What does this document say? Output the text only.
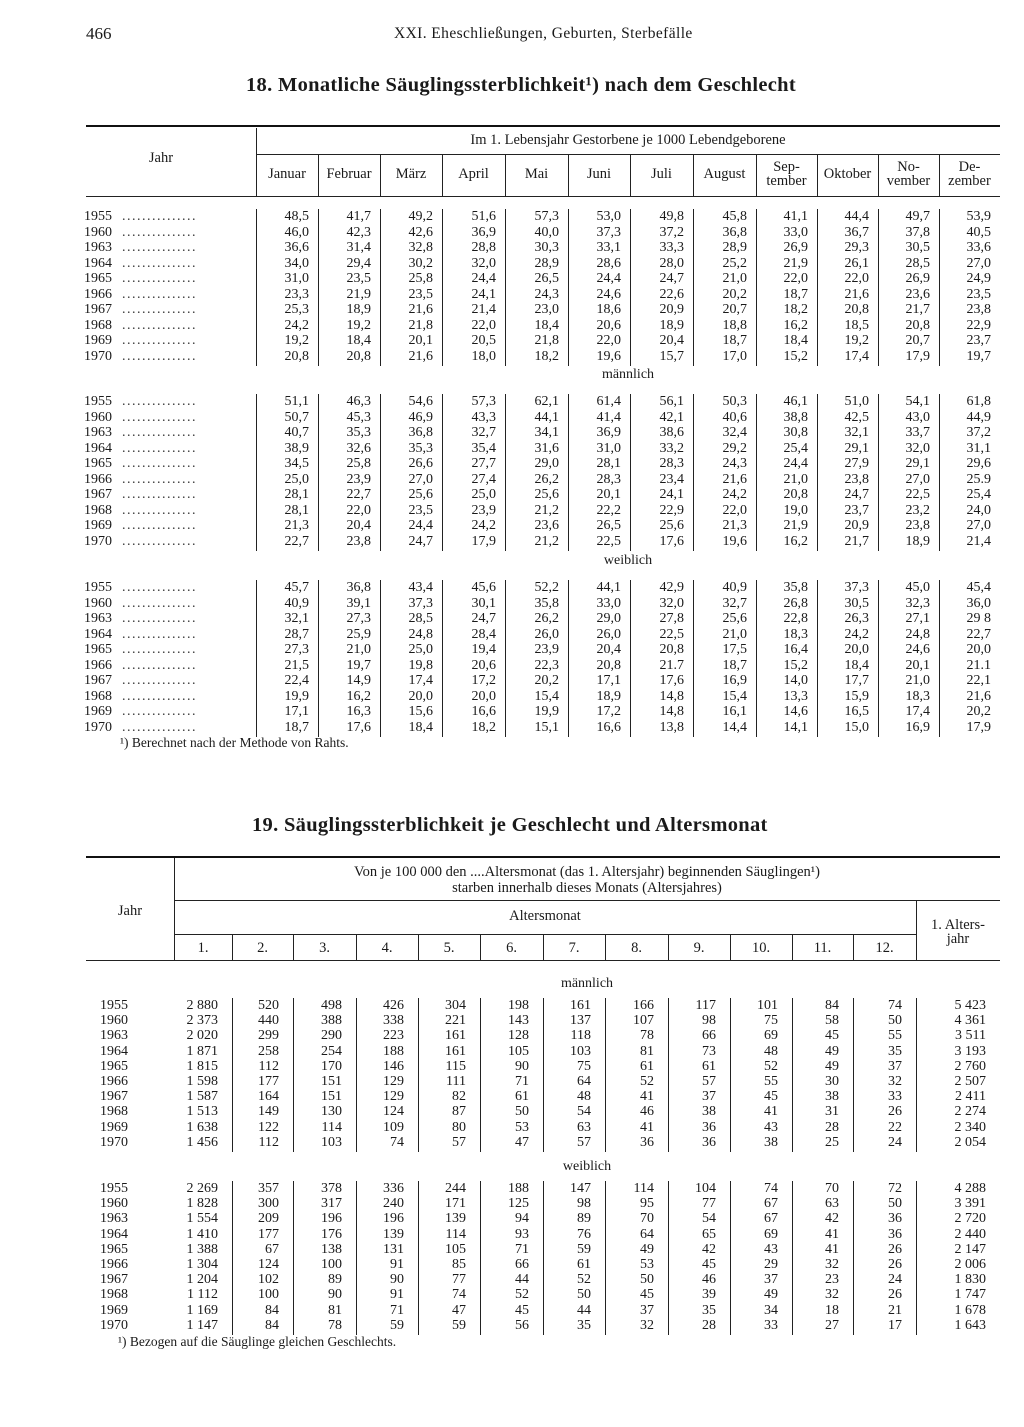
466	XXI. Eheschließungen, Geburten, Sterbefälle
18. Monatliche Säuglingssterblichkeit¹) nach dem Geschlecht
Jahr
Im 1. Lebensjahr Gestorbene je 1000 Lebendgeborene
Januar	Februar	März	April	Mai	Juni	Juli	August	Sep-
tember	Oktober	No-
vember
De-
zember
1955 ...............	48,5	41,7	49,2	51,6	57,3	53,0	49,8	45,8	41,1	44,4	49,7	53,9
1960 ...............	46,0	42,3	42,6	36,9	40,0	37,3	37,2	36,8	33,0	36,7	37,8	40,5
1963 ...............	36,6	31,4	32,8	28,8	30,3	33,1	33,3	28,9	26,9	29,3	30,5	33,6
1964 ...............	34,0	29,4	30,2	32,0	28,9	28,6	28,0	25,2	21,9	26,1	28,5	27,0
1965 ...............	31,0	23,5	25,8	24,4	26,5	24,4	24,7	21,0	22,0	22,0	26,9	24,9
1966 ...............	23,3	21,9	23,5	24,1	24,3	24,6	22,6	20,2	18,7	21,6	23,6	23,5
1967 ...............	25,3	18,9	21,6	21,4	23,0	18,6	20,9	20,7	18,2	20,8	21,7	23,8
1968 ...............	24,2	19,2	21,8	22,0	18,4	20,6	18,9	18,8	16,2	18,5	20,8	22,9
1969 ...............	19,2	18,4	20,1	20,5	21,8	22,0	20,4	18,7	18,4	19,2	20,7	23,7
1970 ...............	20,8	20,8	21,6	18,0	18,2	19,6	15,7	17,0	15,2	17,4	17,9	19,7
männlich
1955 ...............	51,1	46,3	54,6	57,3	62,1	61,4	56,1	50,3	46,1	51,0	54,1	61,8
1960 ...............	50,7	45,3	46,9	43,3	44,1	41,4	42,1	40,6	38,8	42,5	43,0	44,9
1963 ...............	40,7	35,3	36,8	32,7	34,1	36,9	38,6	32,4	30,8	32,1	33,7	37,2
1964 ...............	38,9	32,6	35,3	35,4	31,6	31,0	33,2	29,2	25,4	29,1	32,0	31,1
1965 ...............	34,5	25,8	26,6	27,7	29,0	28,1	28,3	24,3	24,4	27,9	29,1	29,6
1966 ...............	25,0	23,9	27,0	27,4	26,2	28,3	23,4	21,6	21,0	23,8	27,0	25.9
1967 ...............	28,1	22,7	25,6	25,0	25,6	20,1	24,1	24,2	20,8	24,7	22,5	25,4
1968 ...............	28,1	22,0	23,5	23,9	21,2	22,2	22,9	22,0	19,0	23,7	23,2	24,0
1969 ...............	21,3	20,4	24,4	24,2	23,6	26,5	25,6	21,3	21,9	20,9	23,8	27,0
1970 ...............	22,7	23,8	24,7	17,9	21,2	22,5	17,6	19,6	16,2	21,7	18,9	21,4
weiblich
1955 ...............	45,7	36,8	43,4	45,6	52,2	44,1	42,9	40,9	35,8	37,3	45,0	45,4
1960 ...............	40,9	39,1	37,3	30,1	35,8	33,0	32,0	32,7	26,8	30,5	32,3	36,0
1963 ...............	32,1	27,3	28,5	24,7	26,2	29,0	27,8	25,6	22,8	26,3	27,1	29 8
1964 ...............	28,7	25,9	24,8	28,4	26,0	26,0	22,5	21,0	18,3	24,2	24,8	22,7
1965 ...............	27,3	21,0	25,0	19,4	23,9	20,4	20,8	17,5	16,4	20,0	24,6	20,0
1966 ...............	21,5	19,7	19,8	20,6	22,3	20,8	21.7	18,7	15,2	18,4	20,1	21.1
1967 ...............	22,4	14,9	17,4	17,2	20,2	17,1	17,6	16,9	14,0	17,7	21,0	22,1
1968 ...............	19,9	16,2	20,0	20,0	15,4	18,9	14,8	15,4	13,3	15,9	18,3	21,6
1969 ...............	17,1	16,3	15,6	16,6	19,9	17,2	14,8	16,1	14,6	16,5	17,4	20,2
1970 ...............	18,7	17,6	18,4	18,2	15,1	16,6	13,8	14,4	14,1	15,0	16,9	17,9
¹) Berechnet nach der Methode von Rahts.
19. Säuglingssterblichkeit je Geschlecht und Altersmonat
Jahr
Von je 100 000 den ....Altersmonat (das 1. Altersjahr) beginnenden Säuglingen¹)
starben innerhalb dieses Monats (Altersjahres)
Altersmonat
1. Alters-
jahr
1.	2.	3.	4.	5.	6.	7.	8.	9.	10.	11.	12.
männlich
1955	2 880	520	498	426	304	198	161	166	117	101	84	74	5 423
1960	2 373	440	388	338	221	143	137	107	98	75	58	50	4 361
1963	2 020	299	290	223	161	128	118	78	66	69	45	55	3 511
1964	1 871	258	254	188	161	105	103	81	73	48	49	35	3 193
1965	1 815	112	170	146	115	90	75	61	61	52	49	37	2 760
1966	1 598	177	151	129	111	71	64	52	57	55	30	32	2 507
1967	1 587	164	151	129	82	61	48	41	37	45	38	33	2 411
1968	1 513	149	130	124	87	50	54	46	38	41	31	26	2 274
1969	1 638	122	114	109	80	53	63	41	36	43	28	22	2 340
1970	1 456	112	103	74	57	47	57	36	36	38	25	24	2 054
weiblich
1955	2 269	357	378	336	244	188	147	114	104	74	70	72	4 288
1960	1 828	300	317	240	171	125	98	95	77	67	63	50	3 391
1963	1 554	209	196	196	139	94	89	70	54	67	42	36	2 720
1964	1 410	177	176	139	114	93	76	64	65	69	41	36	2 440
1965	1 388	67	138	131	105	71	59	49	42	43	41	26	2 147
1966	1 304	124	100	91	85	66	61	53	45	29	32	26	2 006
1967	1 204	102	89	90	77	44	52	50	46	37	23	24	1 830
1968	1 112	100	90	91	74	52	50	45	39	49	32	26	1 747
1969	1 169	84	81	71	47	45	44	37	35	34	18	21	1 678
1970	1 147	84	78	59	59	56	35	32	28	33	27	17	1 643
¹) Bezogen auf die Säuglinge gleichen Geschlechts.
